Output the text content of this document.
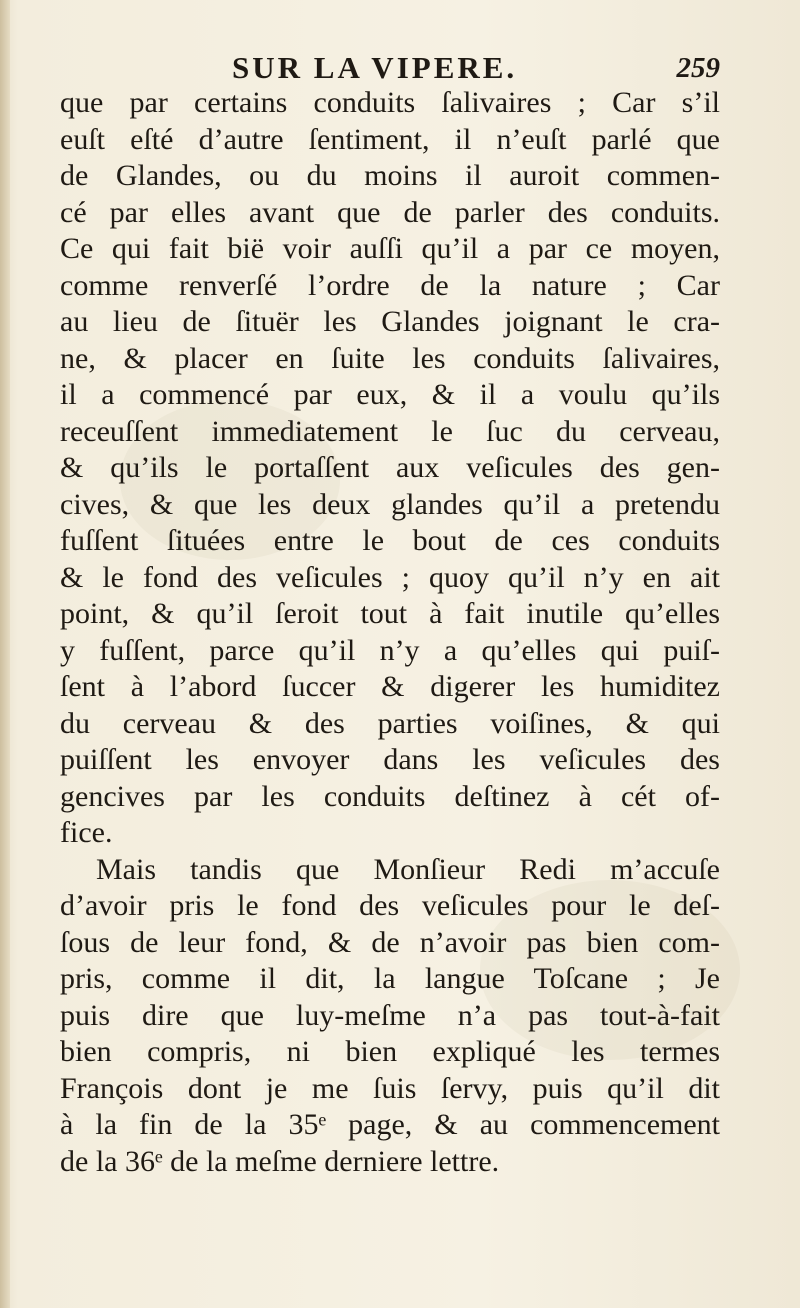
SUR LA VIPERE.	259
que par certains conduits ſalivaires ; Car s’il
euſt eſté d’autre ſentiment, il n’euſt parlé que
de Glandes, ou du moins il auroit commen-
cé par elles avant que de parler des conduits.
Ce qui fait bië voir auſſi qu’il a par ce moyen,
comme renverſé l’ordre de la nature ; Car
au lieu de ſituër les Glandes joignant le cra-
ne, & placer en ſuite les conduits ſalivaires,
il a commencé par eux, & il a voulu qu’ils
receuſſent immediatement le ſuc du cerveau,
& qu’ils le portaſſent aux veſicules des gen-
cives, & que les deux glandes qu’il a pretendu
fuſſent ſituées entre le bout de ces conduits
& le fond des veſicules ; quoy qu’il n’y en ait
point, & qu’il ſeroit tout à fait inutile qu’elles
y fuſſent, parce qu’il n’y a qu’elles qui puiſ-
ſent à l’abord ſuccer & digerer les humiditez
du cerveau & des parties voiſines, & qui
puiſſent les envoyer dans les veſicules des
gencives par les conduits deſtinez à cét of-
fice.
Mais tandis que Monſieur Redi m’accuſe
d’avoir pris le fond des veſicules pour le deſ-
ſous de leur fond, & de n’avoir pas bien com-
pris, comme il dit, la langue Toſcane ; Je
puis dire que luy-meſme n’a pas tout-à-fait
bien compris, ni bien expliqué les termes
François dont je me ſuis ſervy, puis qu’il dit
à la fin de la 35ᵉ page, & au commencement
de la 36ᵉ de la meſme derniere lettre.
